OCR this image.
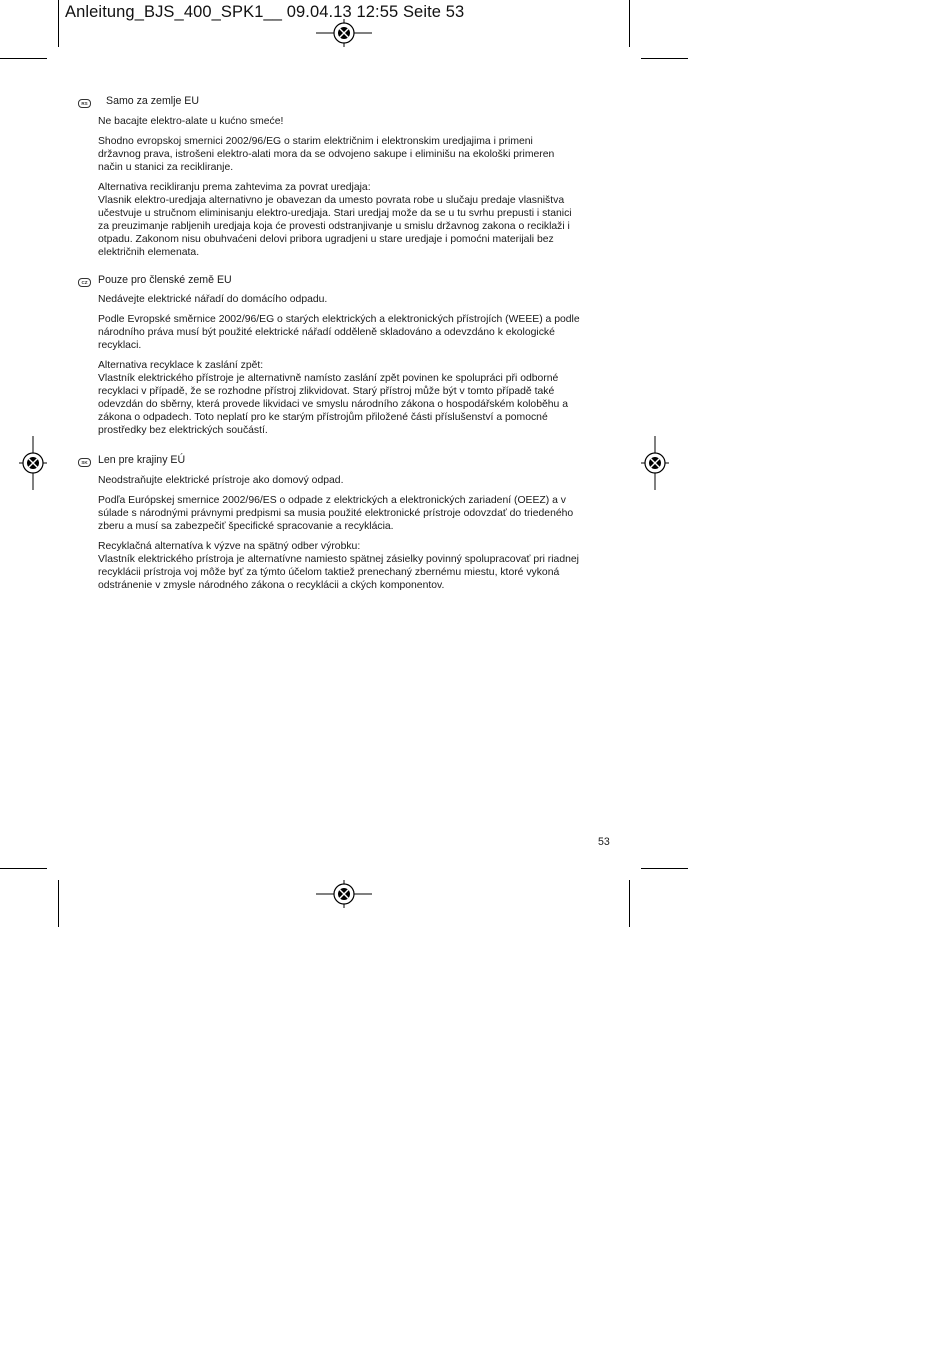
Anleitung_BJS_400_SPK1__ 09.04.13 12:55 Seite 53
RS	Samo za zemlje EU
Ne bacajte elektro-alate u kućno smeće!
Shodno evropskoj smernici 2002/96/EG o starim električnim i elektronskim uredjajima i primeni
državnog prava, istrošeni elektro-alati mora da se odvojeno sakupe i eliminišu na ekološki primeren
način u stanici za recikliranje.
Alternativa recikliranju prema zahtevima za povrat uredjaja:
Vlasnik elektro-uredjaja alternativno je obavezan da umesto povrata robe u slučaju predaje vlasništva
učestvuje u stručnom eliminisanju elektro-uredjaja. Stari uredjaj može da se u tu svrhu prepusti i stanici
za preuzimanje rabljenih uredjaja koja će provesti odstranjivanje u smislu državnog zakona o reciklaži i
otpadu. Zakonom nisu obuhvaćeni delovi pribora ugradjeni u stare uredjaje i pomoćni materijali bez
električnih elemenata.
CZ Pouze pro členské země EU
Nedávejte elektrické nářadí do domácího odpadu.
Podle Evropské směrnice 2002/96/EG o starých elektrických a elektronických přístrojích (WEEE) a podle
národního práva musí být použité elektrické nářadí odděleně skladováno a odevzdáno k ekologické
recyklaci.
Alternativa recyklace k zaslání zpět:
Vlastník elektrického přístroje je alternativně namísto zaslání zpět povinen ke spolupráci při odborné
recyklaci v případě, že se rozhodne přístroj zlikvidovat. Starý přístroj může být v tomto případě také
odevzdán do sběrny, která provede likvidaci ve smyslu národního zákona o hospodářském koloběhu a
zákona o odpadech. Toto neplatí pro ke starým přístrojům přiložené části příslušenství a pomocné
prostředky bez elektrických součástí.
SK Len pre krajiny EÚ
Neodstraňujte elektrické prístroje ako domový odpad.
Podľa Európskej smernice 2002/96/ES o odpade z elektrických a elektronických zariadení (OEEZ) a v
súlade s národnými právnymi predpismi sa musia použité elektronické prístroje odovzdať do triedeného
zberu a musí sa zabezpečiť špecifické spracovanie a recyklácia.
Recyklačná alternatíva k výzve na spätný odber výrobku:
Vlastník elektrického prístroja je alternatívne namiesto spätnej zásielky povinný spolupracovať pri riadnej
recyklácii prístroja voj môže byť za týmto účelom taktiež prenechaný zbernému miestu, ktoré vykoná
odstránenie v zmysle národného zákona o recyklácii a ckých komponentov.
53
